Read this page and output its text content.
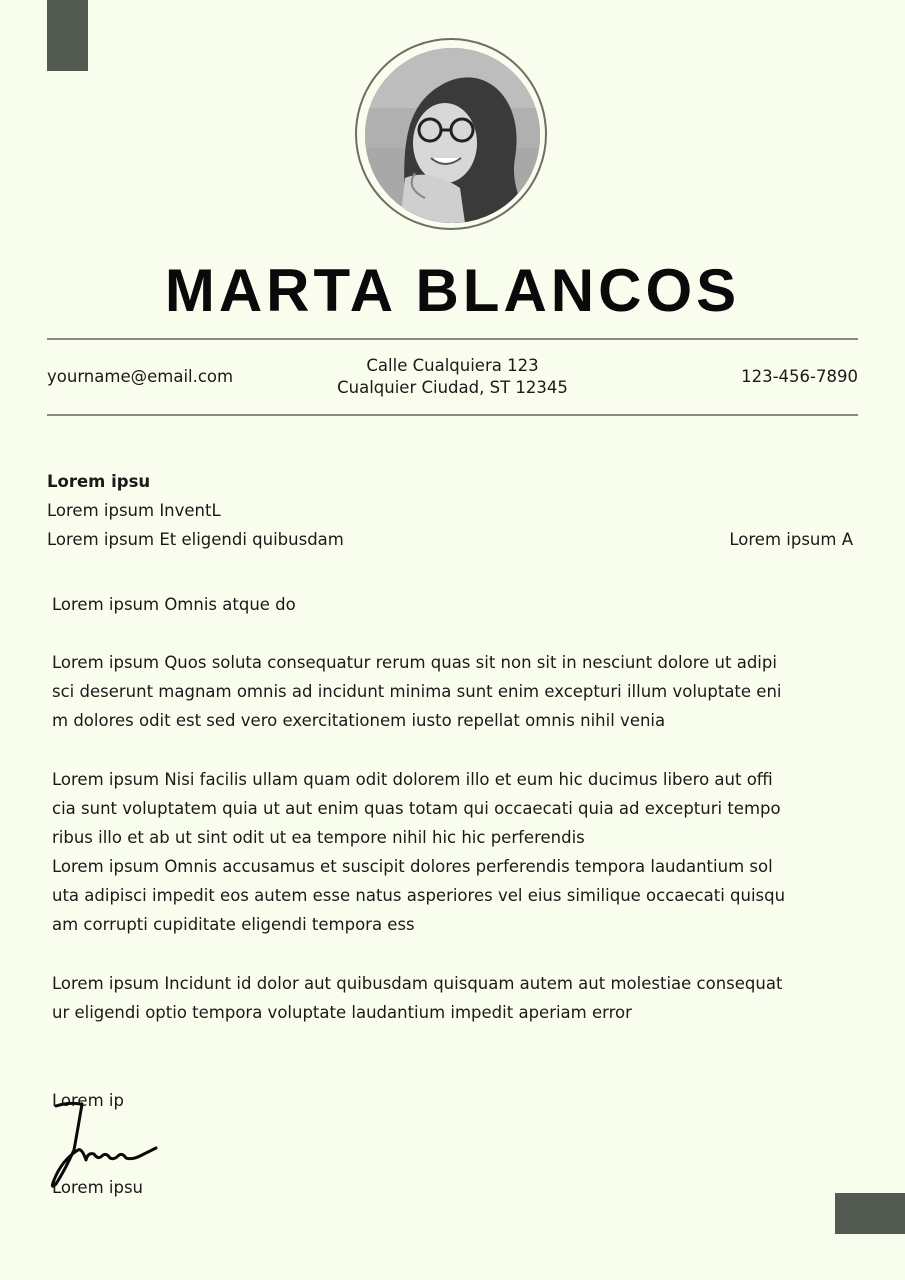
MARTA BLANCOS
yourname@email.com
Calle Cualquiera 123
Cualquier Ciudad, ST 12345
123-456-7890
Lorem ipsu
Lorem ipsum InventL
Lorem ipsum Et eligendi quibusdam	Lorem ipsum A
Lorem ipsum Omnis atque do
Lorem ipsum Quos soluta consequatur rerum quas sit non sit in nesciunt dolore ut adipi
sci deserunt magnam omnis ad incidunt minima sunt enim excepturi illum voluptate eni
m dolores odit est sed vero exercitationem iusto repellat omnis nihil venia
Lorem ipsum Nisi facilis ullam quam odit dolorem illo et eum hic ducimus libero aut offi
cia sunt voluptatem quia ut aut enim quas totam qui occaecati quia ad excepturi tempo
ribus illo et ab ut sint odit ut ea tempore nihil hic hic perferendis
Lorem ipsum Omnis accusamus et suscipit dolores perferendis tempora laudantium sol
uta adipisci impedit eos autem esse natus asperiores vel eius similique occaecati quisqu
am corrupti cupiditate eligendi tempora ess
Lorem ipsum Incidunt id dolor aut quibusdam quisquam autem aut molestiae consequat
ur eligendi optio tempora voluptate laudantium impedit aperiam error
Lorem ip
Lorem ipsu
